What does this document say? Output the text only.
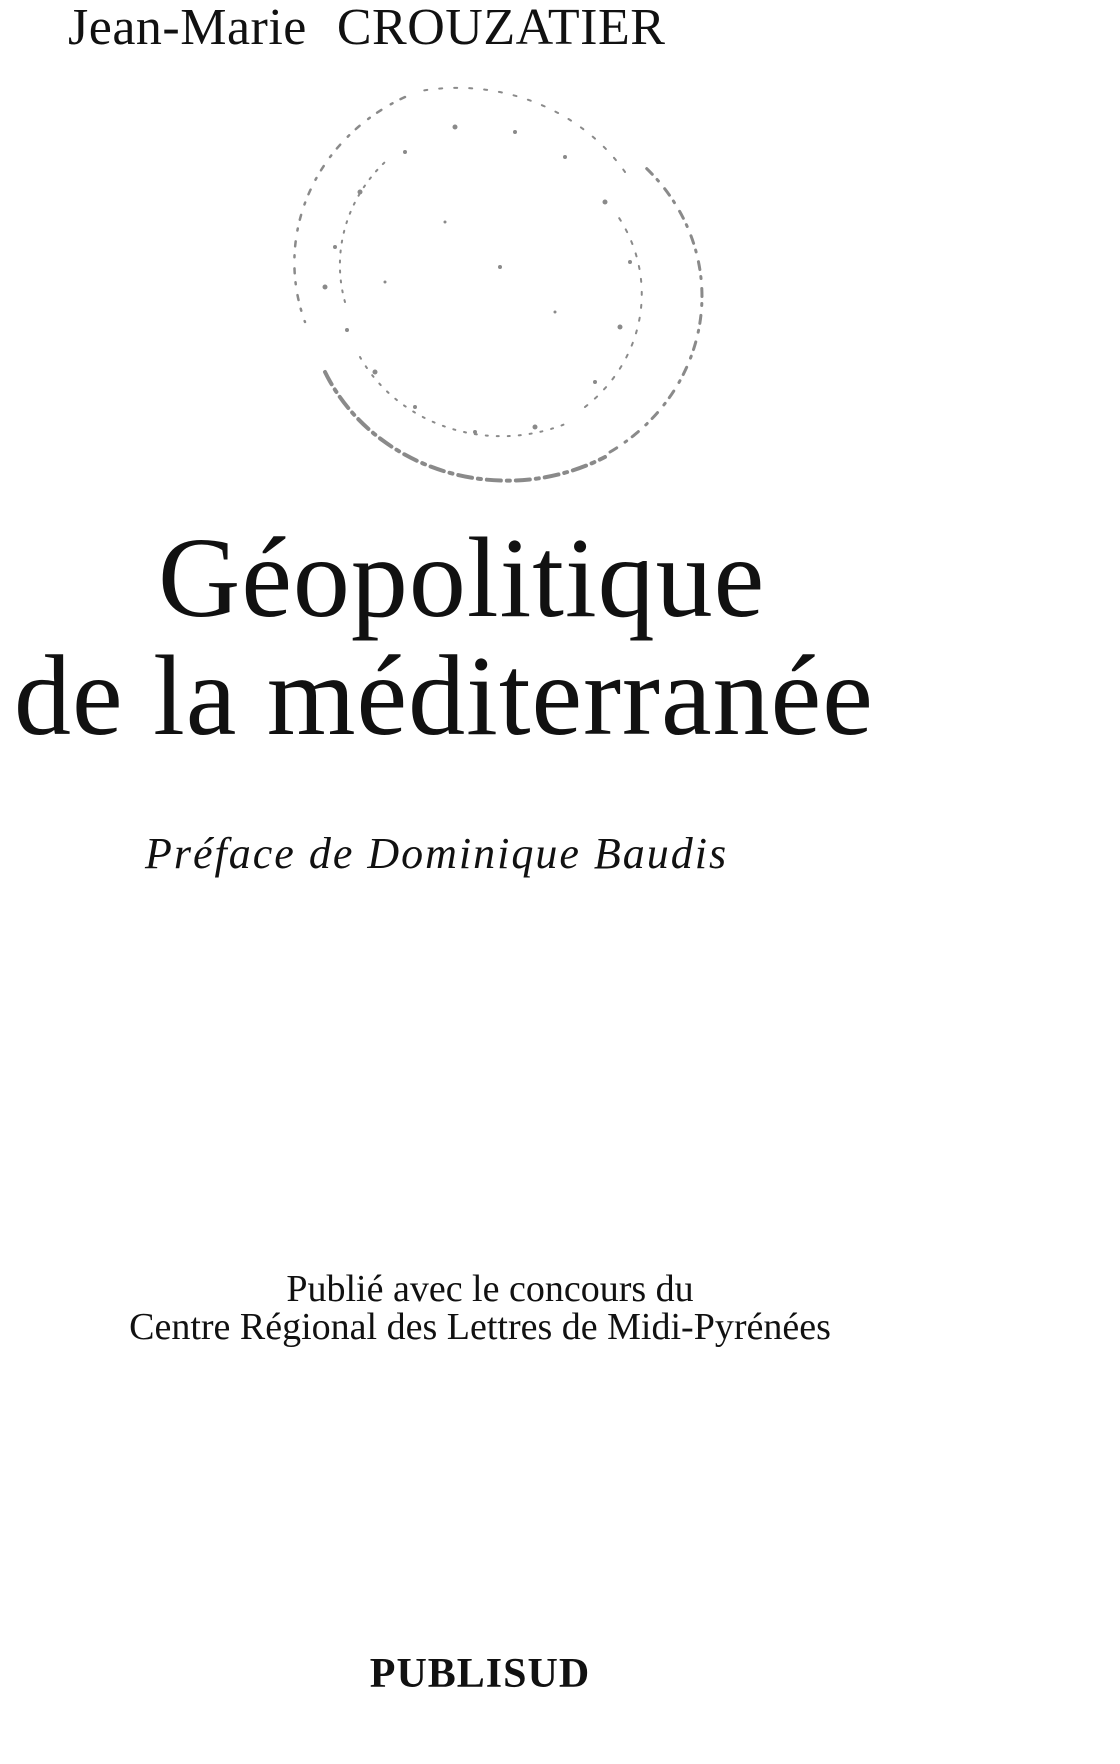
Jean-Marie CROUZATIER
Géopolitique
de la méditerranée
Préface de Dominique Baudis
Publié avec le concours du
Centre Régional des Lettres de Midi-Pyrénées
PUBLISUD
